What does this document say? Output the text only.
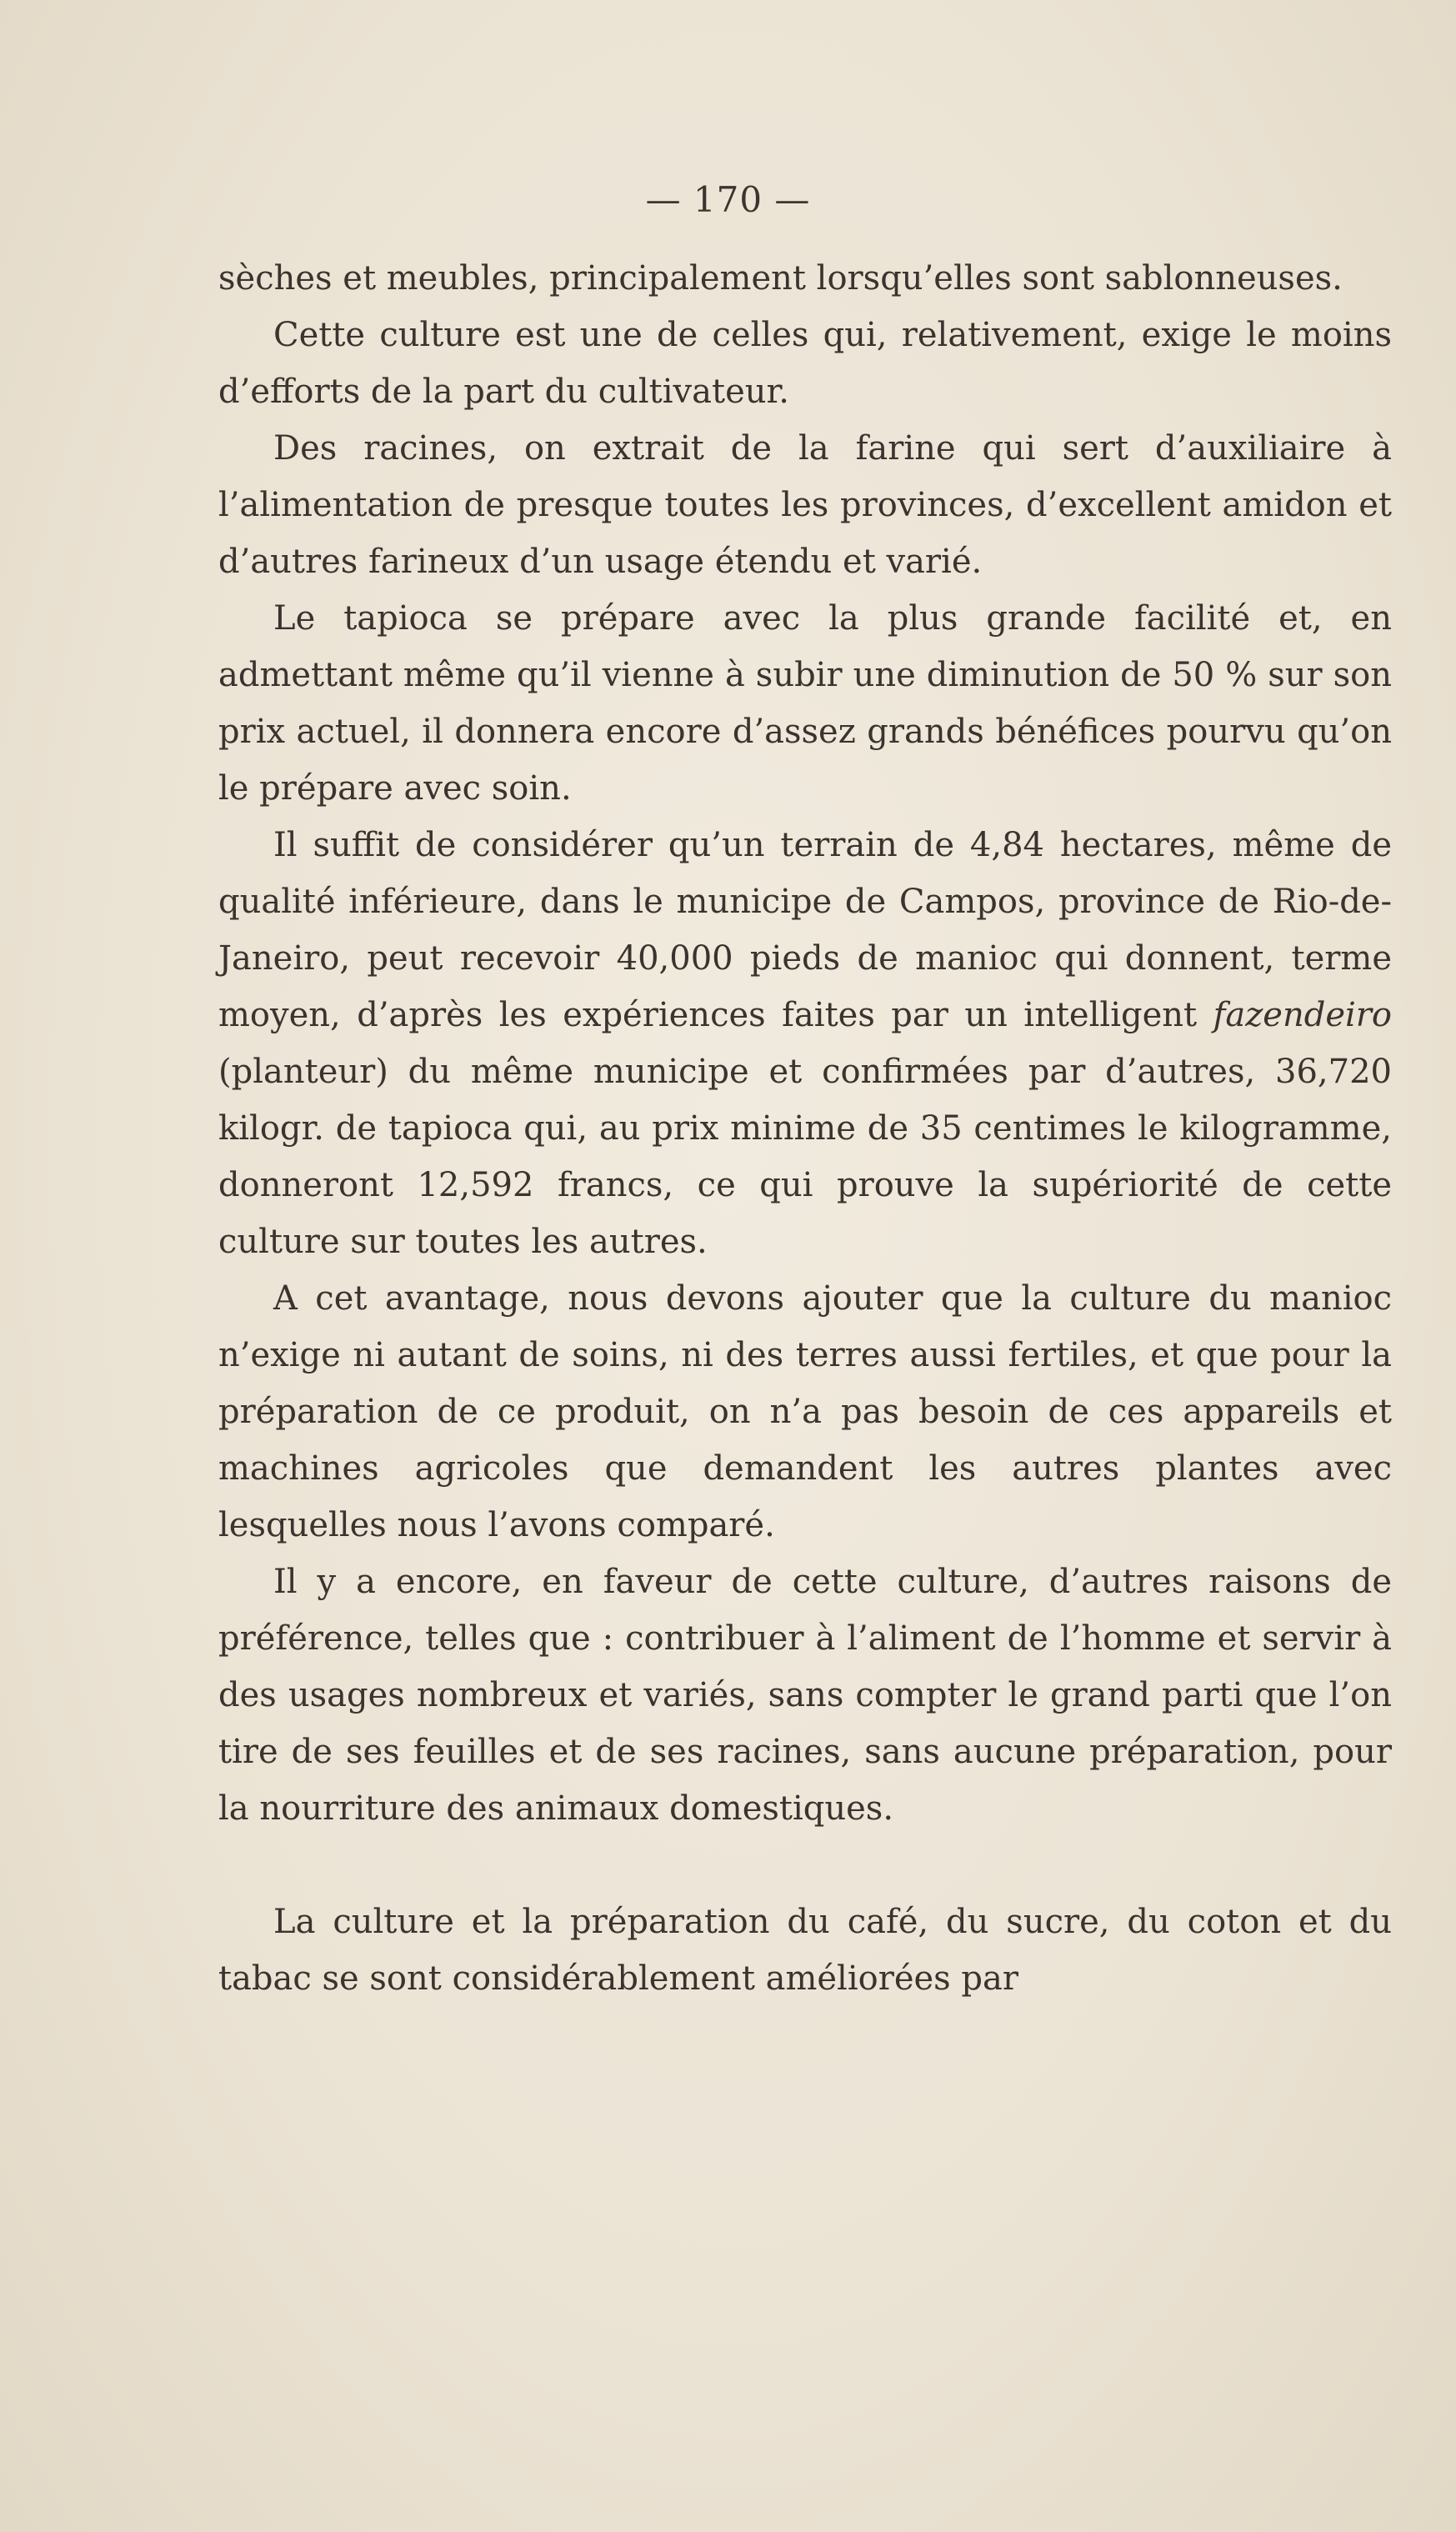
— 170 —

sèches et meubles, principalement lorsqu’elles sont sablonneuses.

Cette culture est une de celles qui, relativement, exige le moins d’efforts de la part du cultivateur.

Des racines, on extrait de la farine qui sert d’auxiliaire à l’alimentation de presque toutes les provinces, d’excellent amidon et d’autres farineux d’un usage étendu et varié.

Le tapioca se prépare avec la plus grande facilité et, en admettant même qu’il vienne à subir une diminution de 50 % sur son prix actuel, il donnera encore d’assez grands bénéfices pourvu qu’on le prépare avec soin.

Il suffit de considérer qu’un terrain de 4,84 hectares, même de qualité inférieure, dans le municipe de Campos, province de Rio-de-Janeiro, peut recevoir 40,000 pieds de manioc qui donnent, terme moyen, d’après les expériences faites par un intelligent fazendeiro (planteur) du même municipe et confirmées par d’autres, 36,720 kilogr. de tapioca qui, au prix minime de 35 centimes le kilogramme, donneront 12,592 francs, ce qui prouve la supériorité de cette culture sur toutes les autres.

A cet avantage, nous devons ajouter que la culture du manioc n’exige ni autant de soins, ni des terres aussi fertiles, et que pour la préparation de ce produit, on n’a pas besoin de ces appareils et machines agricoles que demandent les autres plantes avec lesquelles nous l’avons comparé.

Il y a encore, en faveur de cette culture, d’autres raisons de préférence, telles que : contribuer à l’aliment de l’homme et servir à des usages nombreux et variés, sans compter le grand parti que l’on tire de ses feuilles et de ses racines, sans aucune préparation, pour la nourriture des animaux domestiques.

La culture et la préparation du café, du sucre, du coton et du tabac se sont considérablement améliorées par
